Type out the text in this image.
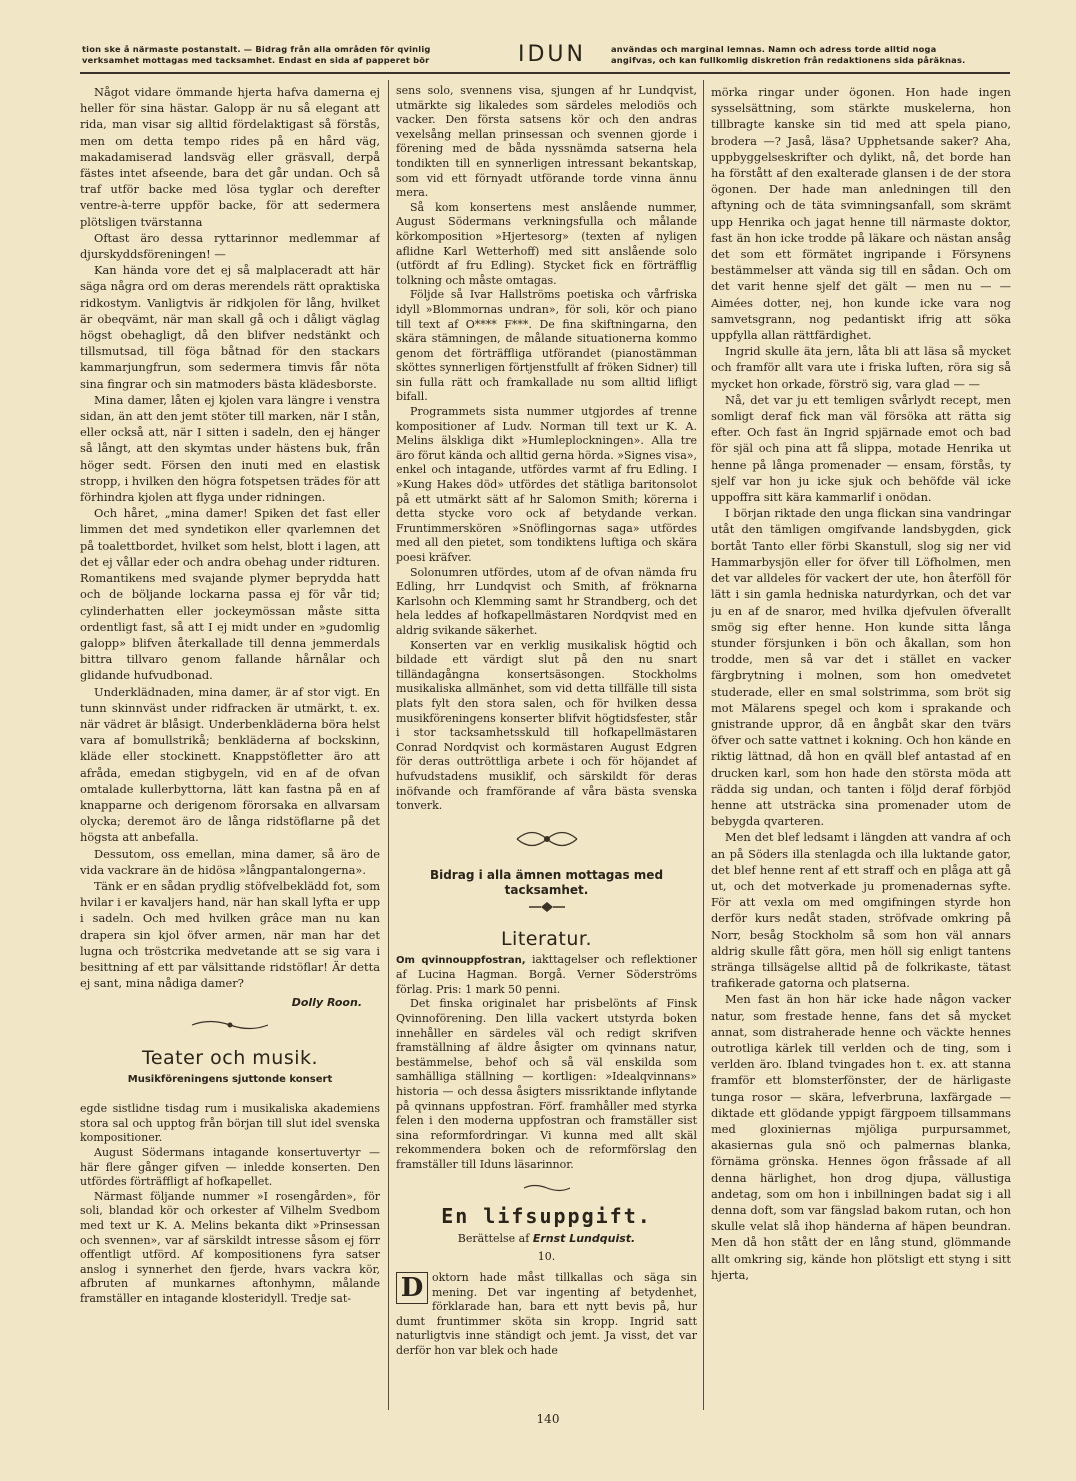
tion ske å närmaste postanstalt. — Bidrag från alla områden för qvinlig
verksamhet mottagas med tacksamhet. Endast en sida af papperet bör	IDUN	användas och marginal lemnas. Namn och adress torde alltid noga
angifvas, och kan fullkomlig diskretion från redaktionens sida påräknas.

Något vidare ömmande hjerta hafva damerna ej heller för sina hästar. Galopp är nu så elegant att rida, man visar sig alltid fördelaktigast så förstås, men om detta tempo rides på en hård väg, makadamiserad landsväg eller gräsvall, derpå fästes intet afseende, bara det går undan. Och så traf utför backe med lösa tyglar och derefter ventre-à-terre uppför backe, för att sedermera plötsligen tvärstanna

Oftast äro dessa ryttarinnor medlemmar af djurskyddsföreningen! —

Kan hända vore det ej så malplaceradt att här säga några ord om deras merendels rätt opraktiska ridkostym. Vanligtvis är ridkjolen för lång, hvilket är obeqvämt, när man skall gå och i dåligt väglag högst obehagligt, då den blifver nedstänkt och tillsmutsad, till föga båtnad för den stackars kammarjungfrun, som sedermera timvis får nöta sina fingrar och sin matmoders bästa klädesborste.

Mina damer, låten ej kjolen vara längre i venstra sidan, än att den jemt stöter till marken, när I stån, eller också att, när I sitten i sadeln, den ej hänger så långt, att den skymtas under hästens buk, från höger sedt. Försen den inuti med en elastisk stropp, i hvilken den högra fotspetsen trädes för att förhindra kjolen att flyga under ridningen.

Och håret, „mina damer! Spiken det fast eller limmen det med syndetikon eller qvarlemnen det på toalettbordet, hvilket som helst, blott i lagen, att det ej vållar eder och andra obehag under ridturen. Romantikens med svajande plymer beprydda hatt och de böljande lockarna passa ej för vår tid; cylinderhatten eller jockeymössan måste sitta ordentligt fast, så att I ej midt under en »gudomlig galopp» blifven återkallade till denna jemmerdals bittra tillvaro genom fallande hårnålar och glidande hufvudbonad.

Underklädnaden, mina damer, är af stor vigt. En tunn skinnväst under ridfracken är utmärkt, t. ex. när vädret är blåsigt. Underbenkläderna böra helst vara af bomullstrikå; benkläderna af bockskinn, kläde eller stockinett. Knappstöfletter äro att afråda, emedan stigbygeln, vid en af de ofvan omtalade kullerbyttorna, lätt kan fastna på en af knapparne och derigenom förorsaka en allvarsam olycka; deremot äro de långa ridstöflarne på det högsta att anbefalla.

Dessutom, oss emellan, mina damer, så äro de vida vackrare än de hidösa »långpantalongerna».

Tänk er en sådan prydlig stöfvelbeklädd fot, som hvilar i er kavaljers hand, när han skall lyfta er upp i sadeln. Och med hvilken grâce man nu kan drapera sin kjol öfver armen, när man har det lugna och tröstcrika medvetande att se sig vara i besittning af ett par välsittande ridstöflar! Är detta ej sant, mina nådiga damer?

Dolly Roon.
Teater och musik.
Musikföreningens sjuttonde konsert

egde sistlidne tisdag rum i musikaliska akademiens stora sal och upptog från början till slut idel svenska kompositioner.

August Södermans intagande konsertuvertyr — här flere gånger gifven — inledde konserten. Den utfördes förträffligt af hofkapellet.

Närmast följande nummer »I rosengården», för soli, blandad kör och orkester af Vilhelm Svedbom med text ur K. A. Melins bekanta dikt »Prinsessan och svennen», var af särskildt intresse såsom ej förr offentligt utförd. Af kompositionens fyra satser anslog i synnerhet den fjerde, hvars vackra kör, afbruten af munkarnes aftonhymn, målande framställer en intagande klosteridyll. Tredje sat-

sens solo, svennens visa, sjungen af hr Lundqvist, utmärkte sig likaledes som särdeles melodiös och vacker. Den första satsens kör och den andras vexelsång mellan prinsessan och svennen gjorde i förening med de båda nyssnämda satserna hela tondikten till en synnerligen intressant bekantskap, som vid ett förnyadt utförande torde vinna ännu mera.

Så kom konsertens mest anslående nummer, August Södermans verkningsfulla och målande körkomposition »Hjertesorg» (texten af nyligen aflidne Karl Wetterhoff) med sitt anslående solo (utfördt af fru Edling). Stycket fick en förträfflig tolkning och måste omtagas.

Följde så Ivar Hallströms poetiska och vårfriska idyll »Blommornas undran», för soli, kör och piano till text af O**** F***. De fina skiftningarna, den skära stämningen, de målande situationerna kommo genom det förträffliga utförandet (pianostämman sköttes synnerligen förtjenstfullt af fröken Sidner) till sin fulla rätt och framkallade nu som alltid lifligt bifall.

Programmets sista nummer utgjordes af trenne kompositioner af Ludv. Norman till text ur K. A. Melins älskliga dikt »Humleplockningen». Alla tre äro förut kända och alltid gerna hörda. »Signes visa», enkel och intagande, utfördes varmt af fru Edling. I »Kung Hakes död» utfördes det stätliga baritonsolot på ett utmärkt sätt af hr Salomon Smith; körerna i detta stycke voro ock af betydande verkan. Fruntimmerskören »Snöflingornas saga» utfördes med all den pietet, som tondiktens luftiga och skära poesi kräfver.

Solonumren utfördes, utom af de ofvan nämda fru Edling, hrr Lundqvist och Smith, af fröknarna Karlsohn och Klemming samt hr Strandberg, och det hela leddes af hofkapellmästaren Nordqvist med en aldrig svikande säkerhet.

Konserten var en verklig musikalisk högtid och bildade ett värdigt slut på den nu snart tilländagångna konsertsäsongen. Stockholms musikaliska allmänhet, som vid detta tillfälle till sista plats fylt den stora salen, och för hvilken dessa musikföreningens konserter blifvit högtidsfester, står i stor tacksamhetsskuld till hofkapellmästaren Conrad Nordqvist och kormästaren August Edgren för deras outtröttliga arbete i och för höjandet af hufvudstadens musiklif, och särskildt för deras inöfvande och framförande af våra bästa svenska tonverk.

Bidrag i alla ämnen mottagas med tacksamhet.
Literatur.

Om qvinnouppfostran, iakttagelser och reflektioner af Lucina Hagman. Borgå. Verner Söderströms förlag. Pris: 1 mark 50 penni.

Det finska originalet har prisbelönts af Finsk Qvinnoförening. Den lilla vackert utstyrda boken innehåller en särdeles väl och redigt skrifven framställning af äldre åsigter om qvinnans natur, bestämmelse, behof och så väl enskilda som samhälliga ställning — kortligen: »Idealqvinnans» historia — och dessa åsigters missriktande inflytande på qvinnans uppfostran. Förf. framhåller med styrka felen i den moderna uppfostran och framställer sist sina reformfordringar. Vi kunna med allt skäl rekommendera boken och de reformförslag den framställer till Iduns läsarinnor.

En lifsuppgift.
Berättelse af Ernst Lundquist.
10.

D oktorn hade måst tillkallas och säga sin mening. Det var ingenting af betydenhet, förklarade han, bara ett nytt bevis på, hur dumt fruntimmer sköta sin kropp. Ingrid satt naturligtvis inne ständigt och jemt. Ja visst, det var derför hon var blek och hade

mörka ringar under ögonen. Hon hade ingen sysselsättning, som stärkte muskelerna, hon tillbragte kanske sin tid med att spela piano, brodera —? Jaså, läsa? Upphetsande saker? Aha, uppbyggelseskrifter och dylikt, nå, det borde han ha förstått af den exalterade glansen i de der stora ögonen. Der hade man anledningen till den aftyning och de täta svimningsanfall, som skrämt upp Henrika och jagat henne till närmaste doktor, fast än hon icke trodde på läkare och nästan ansåg det som ett förmätet ingripande i Försynens bestämmelser att vända sig till en sådan. Och om det varit henne sjelf det gält — men nu — — Aimées dotter, nej, hon kunde icke vara nog samvetsgrann, nog pedantiskt ifrig att söka uppfylla allan rättfärdighet.

Ingrid skulle äta jern, låta bli att läsa så mycket och framför allt vara ute i friska luften, röra sig så mycket hon orkade, förströ sig, vara glad — —

Nå, det var ju ett temligen svårlydt recept, men somligt deraf fick man väl försöka att rätta sig efter. Och fast än Ingrid spjärnade emot och bad för själ och pina att få slippa, motade Henrika ut henne på långa promenader — ensam, förstås, ty sjelf var hon ju icke sjuk och behöfde väl icke uppoffra sitt kära kammarlif i onödan.

I början riktade den unga flickan sina vandringar utåt den tämligen omgifvande landsbygden, gick bortåt Tanto eller förbi Skanstull, slog sig ner vid Hammarbysjön eller for öfver till Löfholmen, men det var alldeles för vackert der ute, hon återföll för lätt i sin gamla hedniska naturdyrkan, och det var ju en af de snaror, med hvilka djefvulen öfverallt smög sig efter henne. Hon kunde sitta långa stunder försjunken i bön och åkallan, som hon trodde, men så var det i stället en vacker färgbrytning i molnen, som hon omedvetet studerade, eller en smal solstrimma, som bröt sig mot Mälarens spegel och kom i sprakande och gnistrande uppror, då en ångbåt skar den tvärs öfver och satte vattnet i kokning. Och hon kände en riktig lättnad, då hon en qväll blef antastad af en drucken karl, som hon hade den största möda att rädda sig undan, och tanten i följd deraf förbjöd henne att utsträcka sina promenader utom de bebygda qvarteren.

Men det blef ledsamt i längden att vandra af och an på Söders illa stenlagda och illa luktande gator, det blef henne rent af ett straff och en plåga att gå ut, och det motverkade ju promenadernas syfte. För att vexla om med omgifningen styrde hon derför kurs nedåt staden, ströfvade omkring på Norr, besåg Stockholm så som hon väl annars aldrig skulle fått göra, men höll sig enligt tantens stränga tillsägelse alltid på de folkrikaste, tätast trafikerade gatorna och platserna.

Men fast än hon här icke hade någon vacker natur, som frestade henne, fans det så mycket annat, som distraherade henne och väckte hennes outrotliga kärlek till verlden och de ting, som i verlden äro. Ibland tvingades hon t. ex. att stanna framför ett blomsterfönster, der de härligaste tunga rosor — skära, lefverbruna, laxfärgade — diktade ett glödande yppigt färgpoem tillsammans med gloxiniernas mjöliga purpursammet, akasiernas gula snö och palmernas blanka, förnäma grönska. Hennes ögon fråssade af all denna härlighet, hon drog djupa, vällustiga andetag, som om hon i inbillningen badat sig i all denna doft, som var fängslad bakom rutan, och hon skulle velat slå ihop händerna af häpen beundran. Men då hon stått der en lång stund, glömmande allt omkring sig, kände hon plötsligt ett styng i sitt hjerta,

140
